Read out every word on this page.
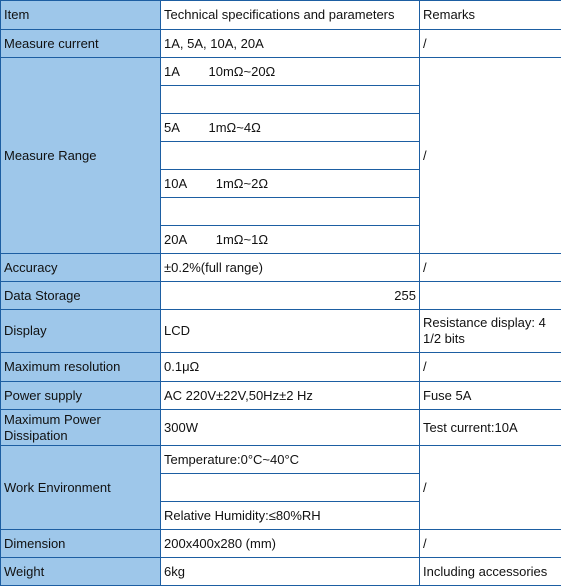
Item	Technical specifications and parameters	Remarks
Measure current	1A, 5A, 10A, 20A	/
Measure Range	1A 10mΩ~20Ω	/

	5A 1mΩ~4Ω	

	10A 1mΩ~2Ω	

	20A 1mΩ~1Ω	
Accuracy	±0.2%(full range)	/
Data Storage	255	
Display	LCD	Resistance display: 4 1/2 bits
Maximum resolution	0.1μΩ	/
Power supply	AC 220V±22V,50Hz±2 Hz	Fuse 5A
Maximum Power Dissipation	300W	Test current:10A
Work Environment	Temperature:0°C~40°C	/

	Relative Humidity:≤80%RH	
Dimension	200x400x280 (mm)	/
Weight	6kg	Including accessories
